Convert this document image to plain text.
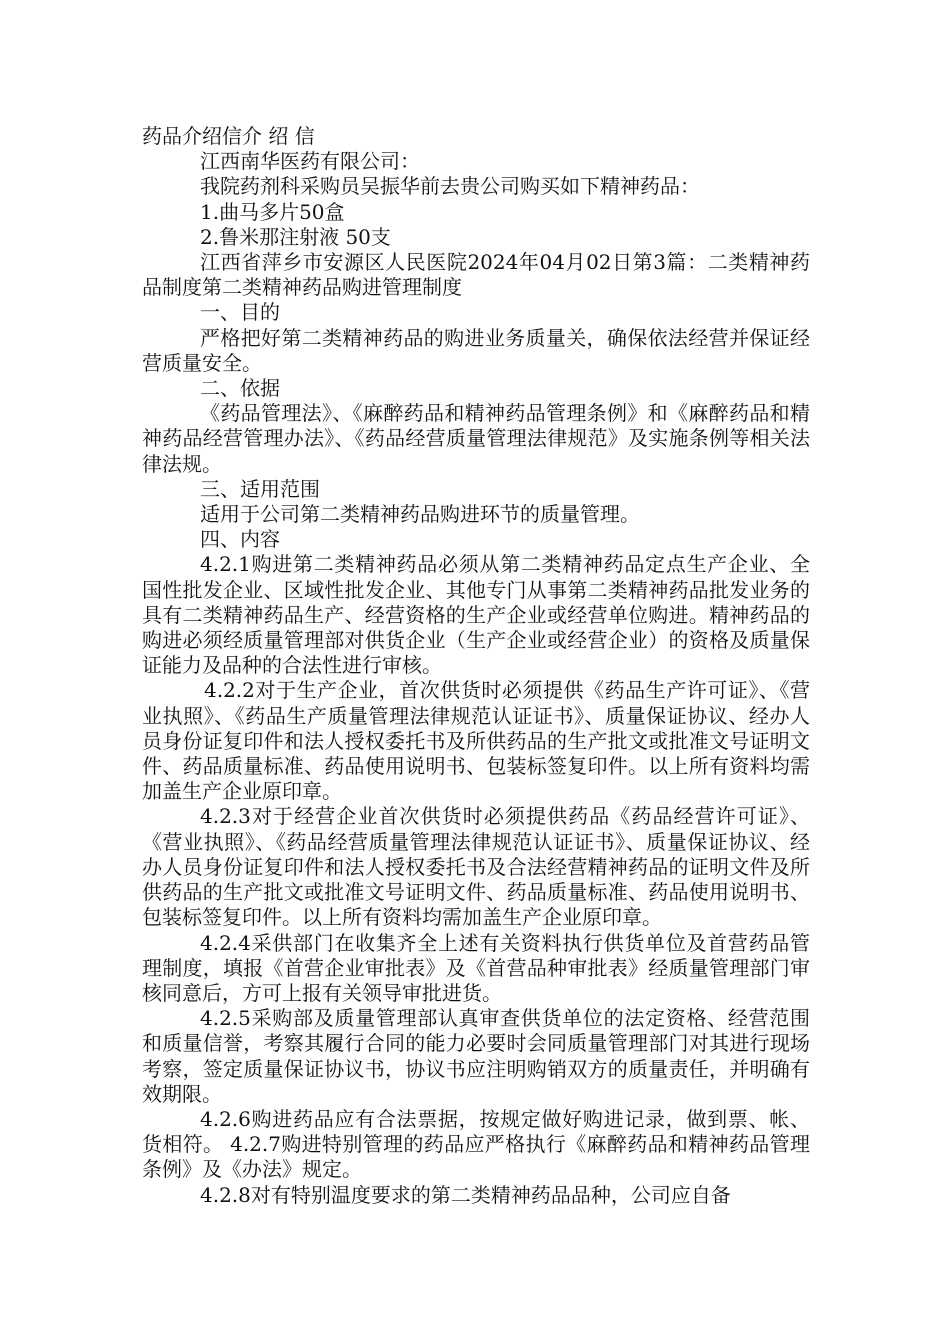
药品介绍信介 绍 信

江西南华医药有限公司：

我院药剂科采购员吴振华前去贵公司购买如下精神药品：

1.曲马多片50盒

2.鲁米那注射液 50支

江西省萍乡市安源区人民医院2024年04月02日第3篇：二类精神药品制度第二类精神药品购进管理制度

一、目的

严格把好第二类精神药品的购进业务质量关，确保依法经营并保证经营质量安全。

二、依据

《药品管理法》、《麻醉药品和精神药品管理条例》和《麻醉药品和精神药品经营管理办法》、《药品经营质量管理法律规范》及实施条例等相关法律法规。

三、适用范围

适用于公司第二类精神药品购进环节的质量管理。

四、内容

4.2.1购进第二类精神药品必须从第二类精神药品定点生产企业、全国性批发企业、区域性批发企业、其他专门从事第二类精神药品批发业务的具有二类精神药品生产、经营资格的生产企业或经营单位购进。精神药品的购进必须经质量管理部对供货企业（生产企业或经营企业）的资格及质量保证能力及品种的合法性进行审核。

4.2.2对于生产企业，首次供货时必须提供《药品生产许可证》、《营业执照》、《药品生产质量管理法律规范认证证书》、质量保证协议、经办人员身份证复印件和法人授权委托书及所供药品的生产批文或批准文号证明文件、药品质量标准、药品使用说明书、包装标签复印件。以上所有资料均需加盖生产企业原印章。

4.2.3对于经营企业首次供货时必须提供药品《药品经营许可证》、《营业执照》、《药品经营质量管理法律规范认证证书》、质量保证协议、经办人员身份证复印件和法人授权委托书及合法经营精神药品的证明文件及所供药品的生产批文或批准文号证明文件、药品质量标准、药品使用说明书、包装标签复印件。以上所有资料均需加盖生产企业原印章。

4.2.4采供部门在收集齐全上述有关资料执行供货单位及首营药品管理制度，填报《首营企业审批表》及《首营品种审批表》经质量管理部门审核同意后，方可上报有关领导审批进货。

4.2.5采购部及质量管理部认真审查供货单位的法定资格、经营范围和质量信誉，考察其履行合同的能力必要时会同质量管理部门对其进行现场考察，签定质量保证协议书，协议书应注明购销双方的质量责任，并明确有效期限。

4.2.6购进药品应有合法票据，按规定做好购进记录，做到票、帐、货相符。 4.2.7购进特别管理的药品应严格执行《麻醉药品和精神药品管理条例》及《办法》规定。

4.2.8对有特别温度要求的第二类精神药品品种，公司应自备
